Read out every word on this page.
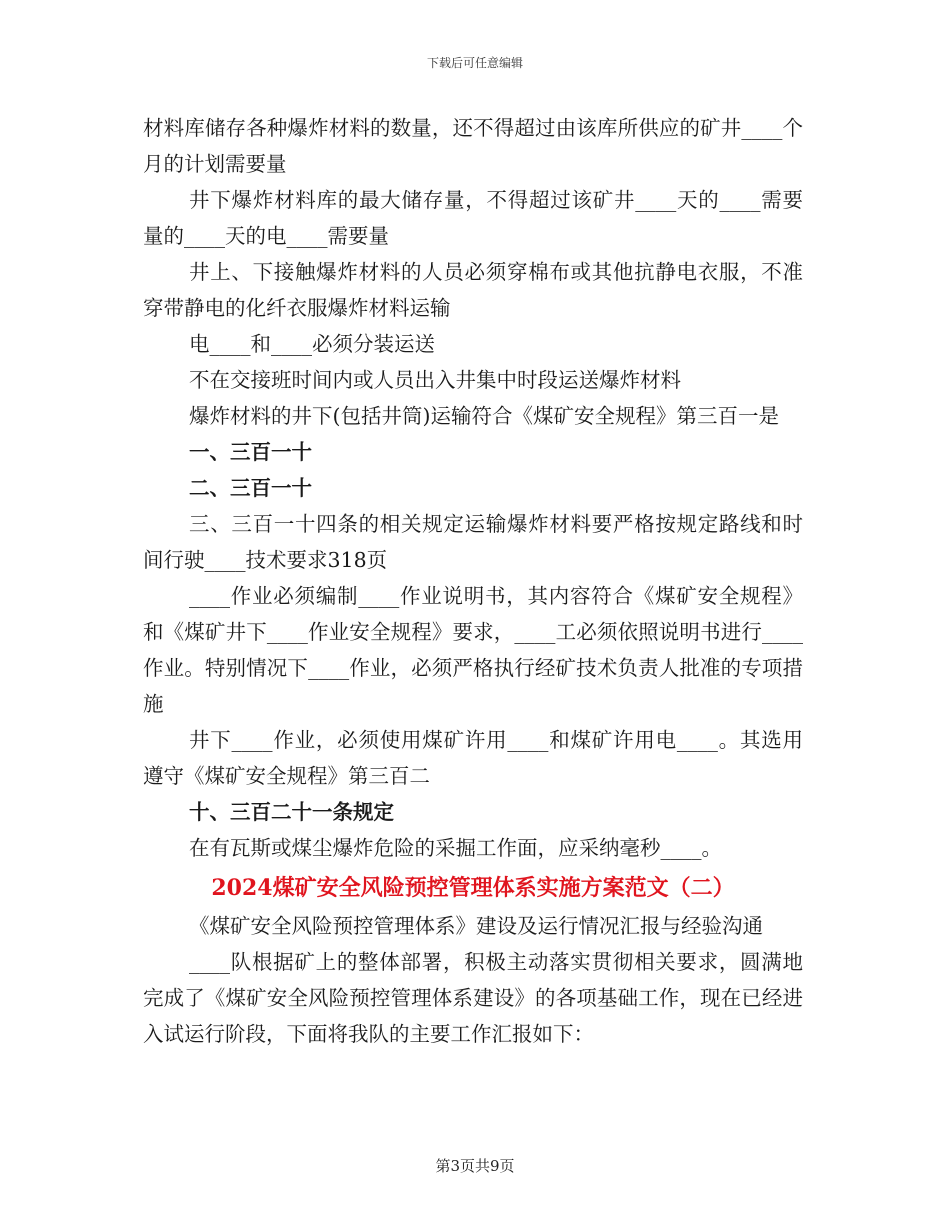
下载后可任意编辑
材料库储存各种爆炸材料的数量，还不得超过由该库所供应的矿井____个月的计划需要量
井下爆炸材料库的最大储存量，不得超过该矿井____天的____需要量的____天的电____需要量
井上、下接触爆炸材料的人员必须穿棉布或其他抗静电衣服，不准穿带静电的化纤衣服爆炸材料运输
电____和____必须分装运送
不在交接班时间内或人员出入井集中时段运送爆炸材料
爆炸材料的井下(包括井筒)运输符合《煤矿安全规程》第三百一是
一、三百一十
二、三百一十
三、三百一十四条的相关规定运输爆炸材料要严格按规定路线和时间行驶____技术要求318页
____作业必须编制____作业说明书，其内容符合《煤矿安全规程》和《煤矿井下____作业安全规程》要求，____工必须依照说明书进行____作业。特别情况下____作业，必须严格执行经矿技术负责人批准的专项措施
井下____作业，必须使用煤矿许用____和煤矿许用电____。其选用遵守《煤矿安全规程》第三百二
十、三百二十一条规定
在有瓦斯或煤尘爆炸危险的采掘工作面，应采纳毫秒____。
2024煤矿安全风险预控管理体系实施方案范文（二）
《煤矿安全风险预控管理体系》建设及运行情况汇报与经验沟通
____队根据矿上的整体部署，积极主动落实贯彻相关要求，圆满地完成了《煤矿安全风险预控管理体系建设》的各项基础工作，现在已经进入试运行阶段，下面将我队的主要工作汇报如下：
第3页共9页
